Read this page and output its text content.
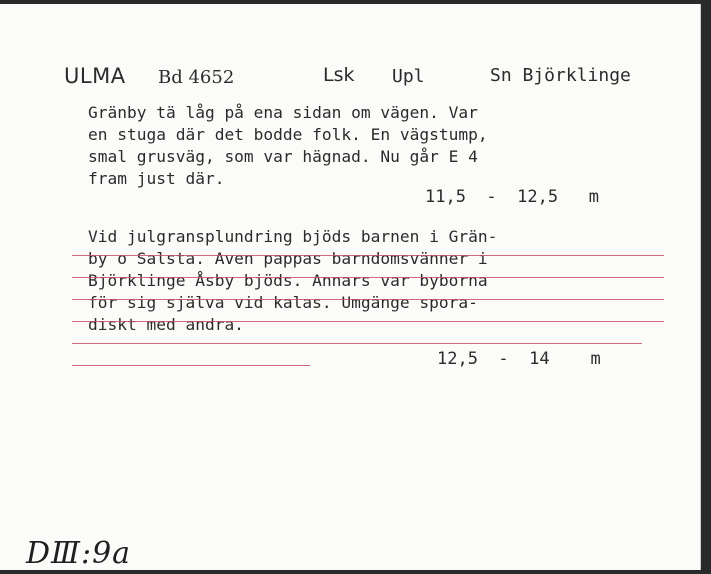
ULMA Bd 4652	Lsk Upl	Sn Björklinge
Gränby tä låg på ena sidan om vägen. Var
en stuga där det bodde folk. En vägstump,
smal grusväg, som var hägnad. Nu går E 4
fram just där.
11,5  -  12,5   m
Vid julgransplundring bjöds barnen i Grän-
by o Salsta. Aven pappas barndomsvänner i
Björklinge Åsby bjöds. Annars var byborna
för sig själva vid kalas. Umgänge spora-
diskt med andra.
12,5  -  14    m
DⅢ:9a
